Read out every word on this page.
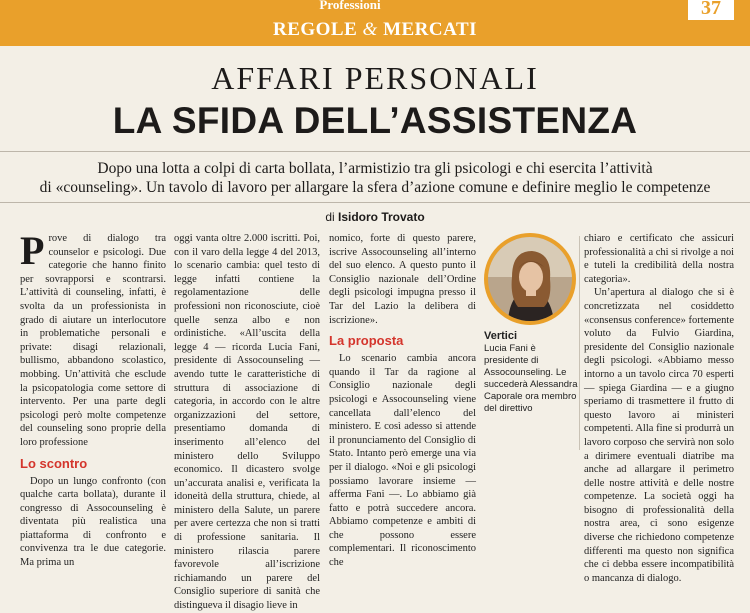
Professioni
REGOLE & MERCATI
37
AFFARI PERSONALI
LA SFIDA DELL’ASSISTENZA
Dopo una lotta a colpi di carta bollata, l’armistizio tra gli psicologi e chi esercita l’attività
di «counseling». Un tavolo di lavoro per allargare la sfera d’azione comune e definire meglio le competenze
di Isidoro Trovato

Prove di dialogo tra counselor e psicologi. Due categorie che hanno finito per sovrapporsi e scontrarsi. L’attività di counseling, infatti, è svolta da un professionista in grado di aiutare un interlocutore in problematiche personali e private: disagi relazionali, bullismo, abbandono scolastico, mobbing. Un’attività che esclude la psicopatologia come settore di intervento. Per una parte degli psicologi però molte competenze del counseling sono proprie della loro professione

Lo scontro

Dopo un lungo confronto (con qualche carta bollata), durante il congresso di Assocounseling è diventata più realistica una piattaforma di confronto e convivenza tra le due categorie. Ma prima un

oggi vanta oltre 2.000 iscritti. Poi, con il varo della legge 4 del 2013, lo scenario cambia: quel testo di legge infatti contiene la regolamentazione delle professioni non riconosciute, cioè quelle senza albo e non ordinistiche. «All’uscita della legge 4 — ricorda Lucia Fani, presidente di Assocounseling — avendo tutte le caratteristiche di struttura di associazione di categoria, in accordo con le altre organizzazioni del settore, presentiamo domanda di inserimento all’elenco del ministero dello Sviluppo economico. Il dicastero svolge un’accurata analisi e, verificata la idoneità della struttura, chiede, al ministero della Salute, un parere per avere certezza che non si tratti di professione sanitaria. Il ministero rilascia parere favorevole all’iscrizione richiamando un parere del Consiglio superiore di sanità che distingueva il disagio lieve in

nomico, forte di questo parere, iscrive Assocounseling all’interno del suo elenco. A questo punto il Consiglio nazionale dell’Ordine degli psicologi impugna presso il Tar del Lazio la delibera di iscrizione».

La proposta

Lo scenario cambia ancora quando il Tar da ragione al Consiglio nazionale degli psicologi e Assocounseling viene cancellata dall’elenco del ministero. E così adesso si attende il pronunciamento del Consiglio di Stato. Intanto però emerge una via per il dialogo. «Noi e gli psicologi possiamo lavorare insieme — afferma Fani —. Lo abbiamo già fatto e potrà succedere ancora. Abbiamo competenze e ambiti di che possono essere complementari. Il riconoscimento che

Vertici
Lucia Fani è presidente di Assocounseling. Le succederà Alessandra Caporale ora membro del direttivo

chiaro e certificato che assicuri professionalità a chi si rivolge a noi e tuteli la credibilità della nostra categoria».

Un’apertura al dialogo che si è concretizzata nel cosiddetto «consensus conference» fortemente voluto da Fulvio Giardina, presidente del Consiglio nazionale degli psicologi. «Abbiamo messo intorno a un tavolo circa 70 esperti — spiega Giardina — e a giugno speriamo di trasmettere il frutto di questo lavoro ai ministeri competenti. Alla fine si produrrà un lavoro corposo che servirà non solo a dirimere eventuali diatribe ma anche ad allargare il perimetro delle nostre attività e delle nostre competenze. La società oggi ha bisogno di professionalità della nostra area, ci sono esigenze diverse che richiedono competenze differenti ma questo non significa che ci debba essere incompatibilità o mancanza di dialogo.
